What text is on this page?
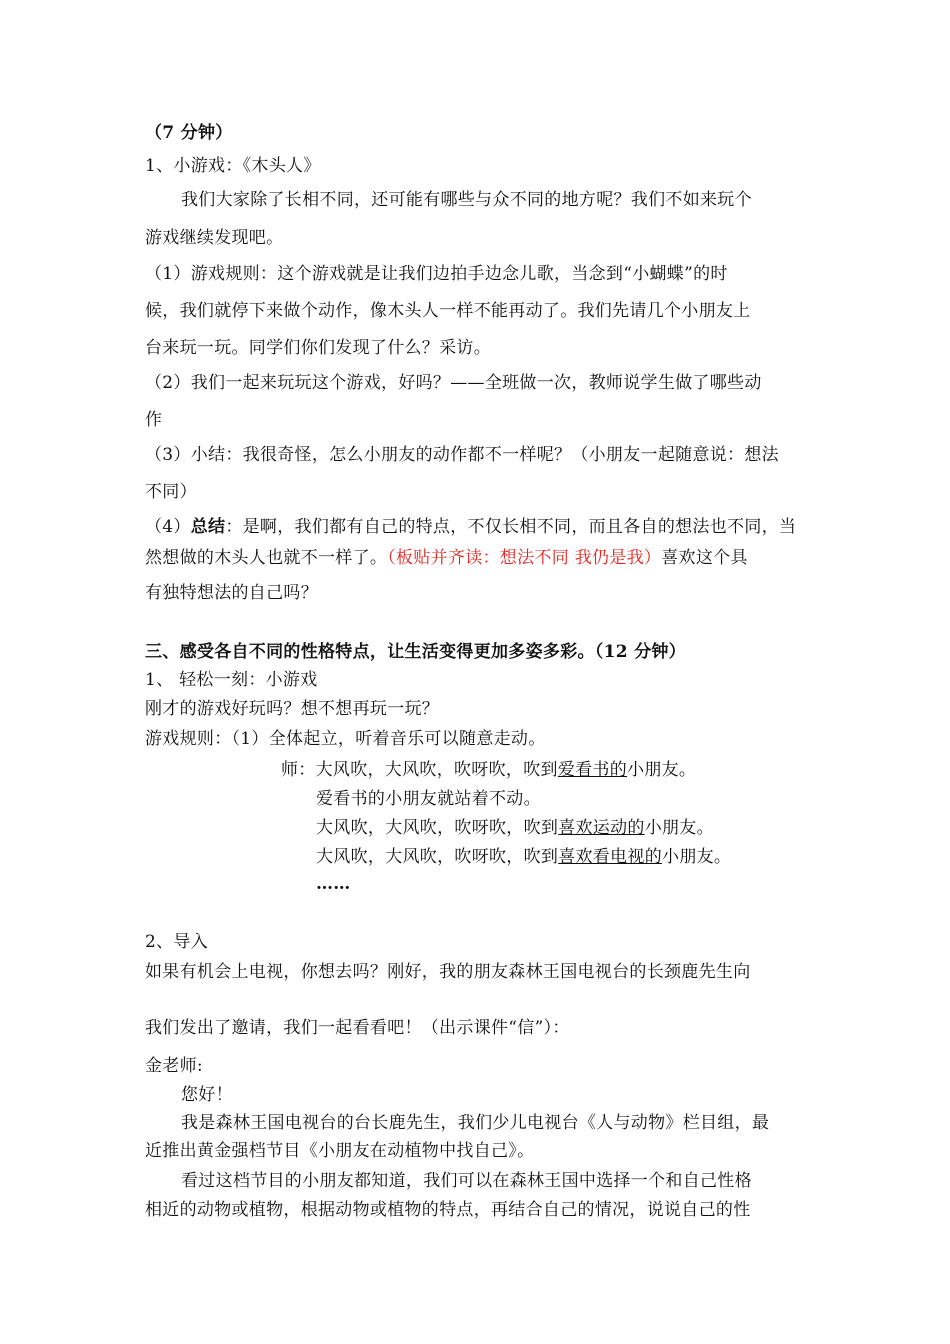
（7 分钟）
1、小游戏：《木头人》
我们大家除了长相不同，还可能有哪些与众不同的地方呢？我们不如来玩个
游戏继续发现吧。
（1）游戏规则：这个游戏就是让我们边拍手边念儿歌，当念到“小蝴蝶”的时
候，我们就停下来做个动作，像木头人一样不能再动了。我们先请几个小朋友上
台来玩一玩。同学们你们发现了什么？采访。
（2）我们一起来玩玩这个游戏，好吗？——全班做一次，教师说学生做了哪些动
作
（3）小结：我很奇怪，怎么小朋友的动作都不一样呢？（小朋友一起随意说：想法
不同）
（4）总结：是啊，我们都有自己的特点，不仅长相不同，而且各自的想法也不同，当
然想做的木头人也就不一样了。（板贴并齐读：想法不同 我仍是我）喜欢这个具
有独特想法的自己吗？
三、感受各自不同的性格特点，让生活变得更加多姿多彩。（12 分钟）
1、 轻松一刻：小游戏
刚才的游戏好玩吗？想不想再玩一玩？
游戏规则：（1）全体起立，听着音乐可以随意走动。
师：大风吹，大风吹，吹呀吹，吹到爱看书的小朋友。
爱看书的小朋友就站着不动。
大风吹，大风吹，吹呀吹，吹到喜欢运动的小朋友。
大风吹，大风吹，吹呀吹，吹到喜欢看电视的小朋友。
……
2、导入
如果有机会上电视，你想去吗？刚好，我的朋友森林王国电视台的长颈鹿先生向
我们发出了邀请，我们一起看看吧！（出示课件“信”）：
金老师:
您好！
我是森林王国电视台的台长鹿先生，我们少儿电视台《人与动物》栏目组，最
近推出黄金强档节目《小朋友在动植物中找自己》。
看过这档节目的小朋友都知道，我们可以在森林王国中选择一个和自己性格
相近的动物或植物，根据动物或植物的特点，再结合自己的情况，说说自己的性
